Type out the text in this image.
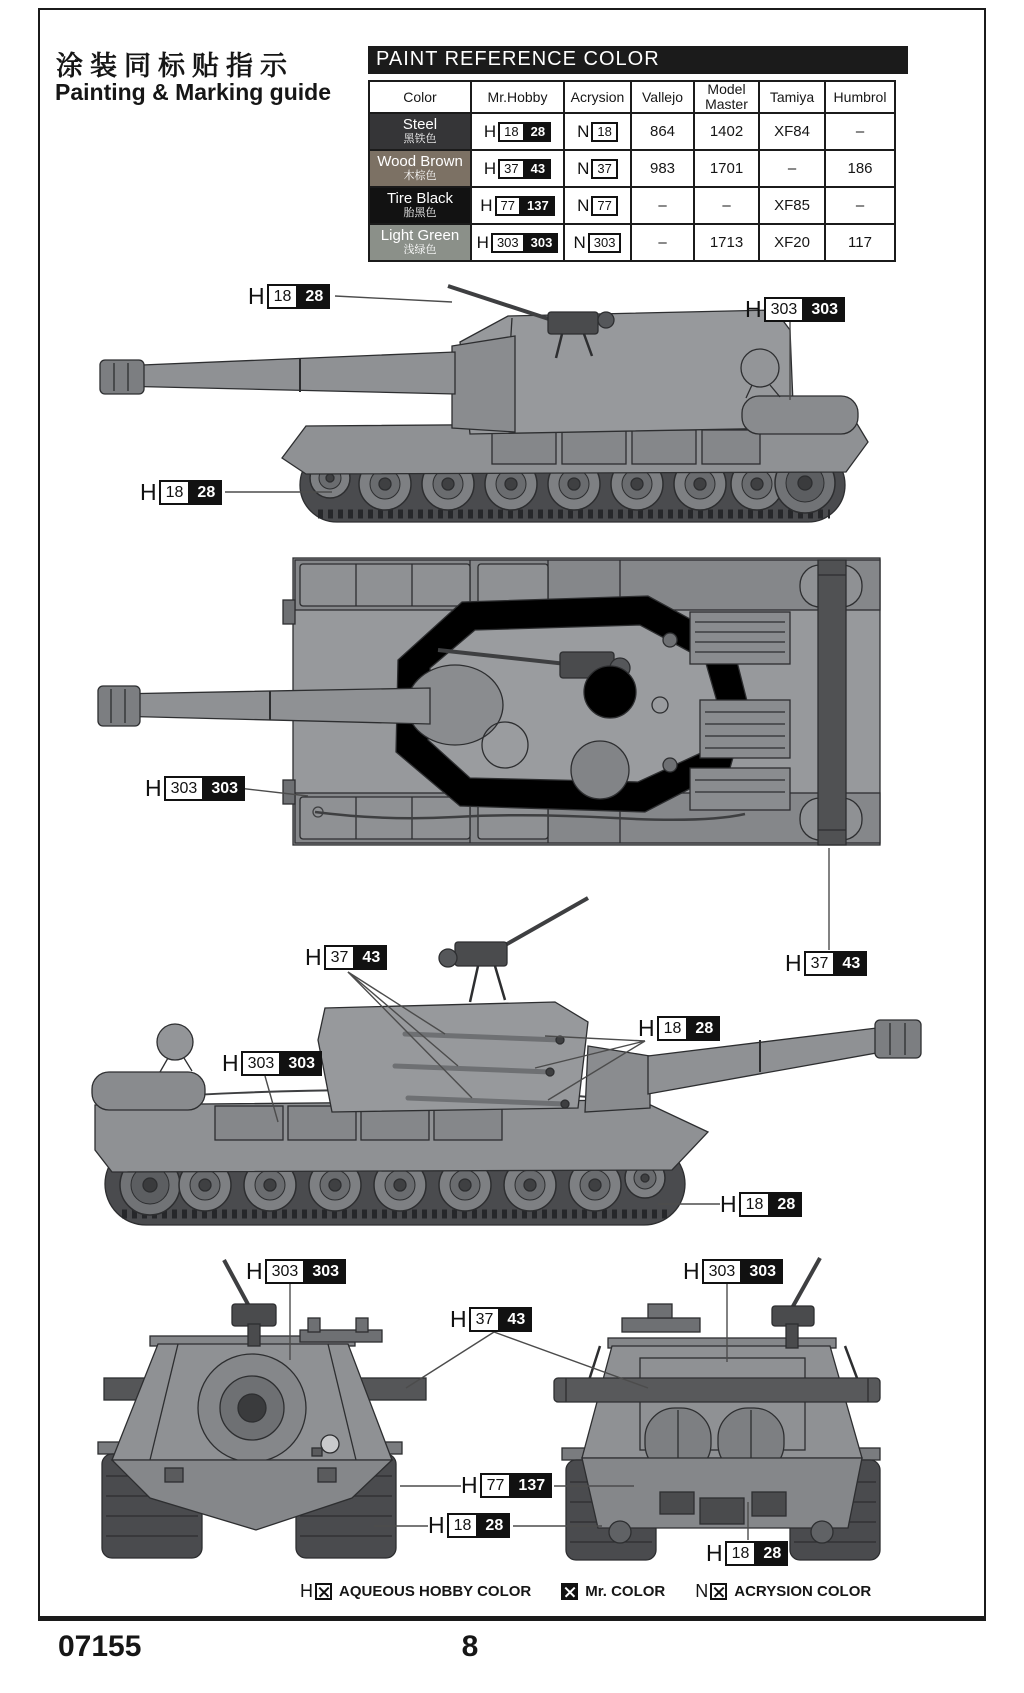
涂装同标贴指示
Painting & Marking guide
PAINT REFERENCE COLOR
Color	Mr.Hobby	Acrysion	Vallejo	Model Master	Tamiya	Humbrol

Steel
黑铁色	H 18 28	N 18	864	1402	XF84	–

Wood Brown
木棕色	H 37 43	N 37	983	1701	–	186

Tire Black
胎黑色	H 77 137	N 77	–	–	XF85	–

Light Green
浅绿色	H 303 303	N 303	–	1713	XF20	117
H 18 28	H 303 303
H 18 28
H 303 303
H 37 43	H 37 43
H 18 28
H 303 303
H 18 28
H 303 303	H 303 303
H 37 43
H 77 137
H 18 28
H 18 28
H AQUEOUS HOBBY COLOR	Mr. COLOR N ACRYSION COLOR
07155	8
